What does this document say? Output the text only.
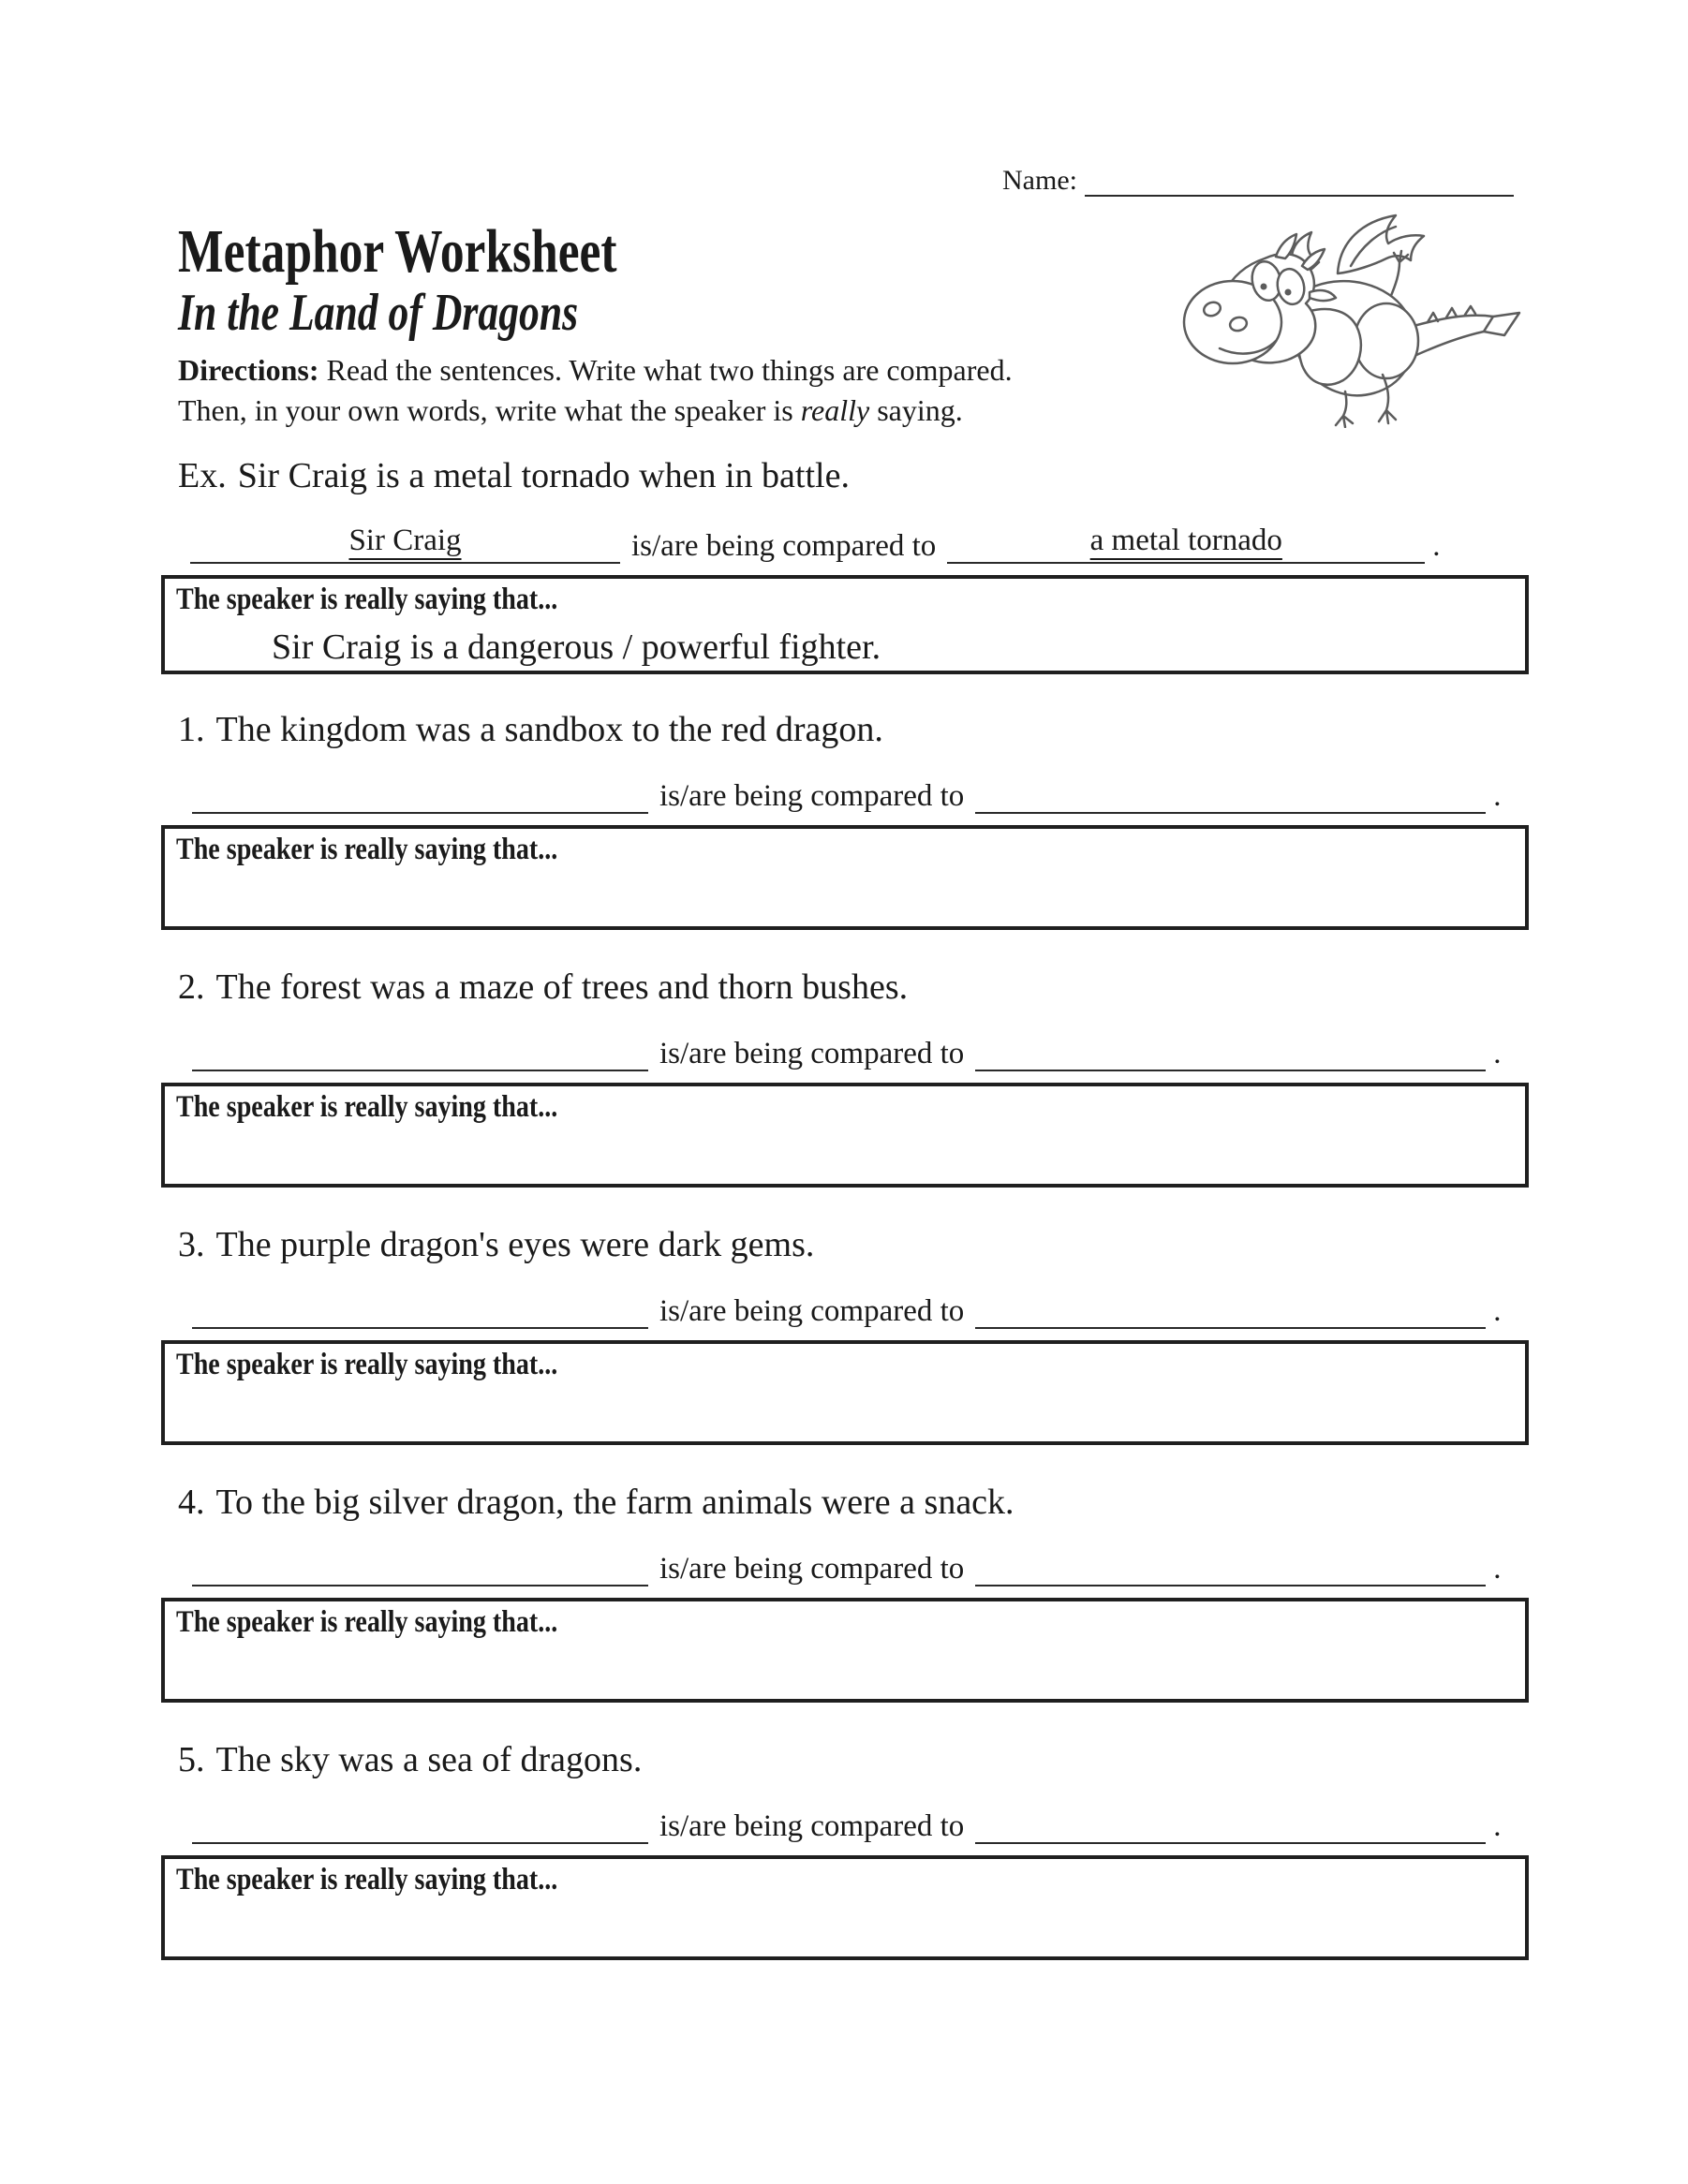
Name:
Metaphor Worksheet
In the Land of Dragons
Directions: Read the sentences. Write what two things are compared.
Then, in your own words, write what the speaker is really saying.
Ex. Sir Craig is a metal tornado when in battle.
Sir Craig	is/are being compared to	a metal tornado	.
The speaker is really saying that...
Sir Craig is a dangerous / powerful fighter.
1. The kingdom was a sandbox to the red dragon.
is/are being compared to	.
The speaker is really saying that...
2. The forest was a maze of trees and thorn bushes.
is/are being compared to	.
The speaker is really saying that...
3. The purple dragon's eyes were dark gems.
is/are being compared to	.
The speaker is really saying that...
4. To the big silver dragon, the farm animals were a snack.
is/are being compared to	.
The speaker is really saying that...
5. The sky was a sea of dragons.
is/are being compared to	.
The speaker is really saying that...
